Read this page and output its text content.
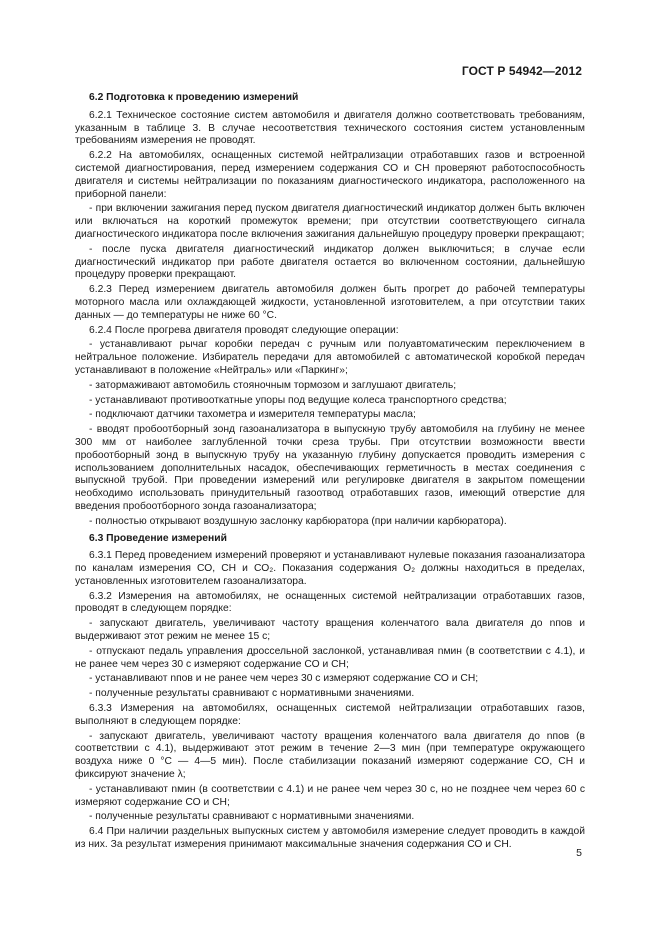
ГОСТ Р 54942—2012
6.2 Подготовка к проведению измерений
6.2.1 Техническое состояние систем автомобиля и двигателя должно соответствовать требованиям, указанным в таблице 3. В случае несоответствия технического состояния систем установленным требованиям измерения не проводят.
6.2.2 На автомобилях, оснащенных системой нейтрализации отработавших газов и встроенной системой диагностирования, перед измерением содержания СО и СН проверяют работоспособность двигателя и системы нейтрализации по показаниям диагностического индикатора, расположенного на приборной панели:
- при включении зажигания перед пуском двигателя диагностический индикатор должен быть включен или включаться на короткий промежуток времени; при отсутствии соответствующего сигнала диагностического индикатора после включения зажигания дальнейшую процедуру проверки прекращают;
- после пуска двигателя диагностический индикатор должен выключиться; в случае если диагностический индикатор при работе двигателя остается во включенном состоянии, дальнейшую процедуру проверки прекращают.
6.2.3 Перед измерением двигатель автомобиля должен быть прогрет до рабочей температуры моторного масла или охлаждающей жидкости, установленной изготовителем, а при отсутствии таких данных — до температуры не ниже 60 °С.
6.2.4 После прогрева двигателя проводят следующие операции:
- устанавливают рычаг коробки передач с ручным или полуавтоматическим переключением в нейтральное положение. Избиратель передачи для автомобилей с автоматической коробкой передач устанавливают в положение «Нейтраль» или «Паркинг»;
- затормаживают автомобиль стояночным тормозом и заглушают двигатель;
- устанавливают противооткатные упоры под ведущие колеса транспортного средства;
- подключают датчики тахометра и измерителя температуры масла;
- вводят пробоотборный зонд газоанализатора в выпускную трубу автомобиля на глубину не менее 300 мм от наиболее заглубленной точки среза трубы. При отсутствии возможности ввести пробоотборный зонд в выпускную трубу на указанную глубину допускается проводить измерения с использованием дополнительных насадок, обеспечивающих герметичность в местах соединения с выпускной трубой. При проведении измерений или регулировке двигателя в закрытом помещении необходимо использовать принудительный газоотвод отработавших газов, имеющий отверстие для введения пробоотборного зонда газоанализатора;
- полностью открывают воздушную заслонку карбюратора (при наличии карбюратора).
6.3 Проведение измерений
6.3.1 Перед проведением измерений проверяют и устанавливают нулевые показания газоанализатора по каналам измерения СО, СН и СО₂. Показания содержания О₂ должны находиться в пределах, установленных изготовителем газоанализатора.
6.3.2 Измерения на автомобилях, не оснащенных системой нейтрализации отработавших газов, проводят в следующем порядке:
- запускают двигатель, увеличивают частоту вращения коленчатого вала двигателя до nпов и выдерживают этот режим не менее 15 с;
- отпускают педаль управления дроссельной заслонкой, устанавливая nмин (в соответствии с 4.1), и не ранее чем через 30 с измеряют содержание СО и СН;
- устанавливают nпов и не ранее чем через 30 с измеряют содержание СО и СН;
- полученные результаты сравнивают с нормативными значениями.
6.3.3 Измерения на автомобилях, оснащенных системой нейтрализации отработавших газов, выполняют в следующем порядке:
- запускают двигатель, увеличивают частоту вращения коленчатого вала двигателя до nпов (в соответствии с 4.1), выдерживают этот режим в течение 2—3 мин (при температуре окружающего воздуха ниже 0 °С — 4—5 мин). После стабилизации показаний измеряют содержание СО, СН и фиксируют значение λ;
- устанавливают nмин (в соответствии с 4.1) и не ранее чем через 30 с, но не позднее чем через 60 с измеряют содержание СО и СН;
- полученные результаты сравнивают с нормативными значениями.
6.4 При наличии раздельных выпускных систем у автомобиля измерение следует проводить в каждой из них. За результат измерения принимают максимальные значения содержания СО и СН.
5
